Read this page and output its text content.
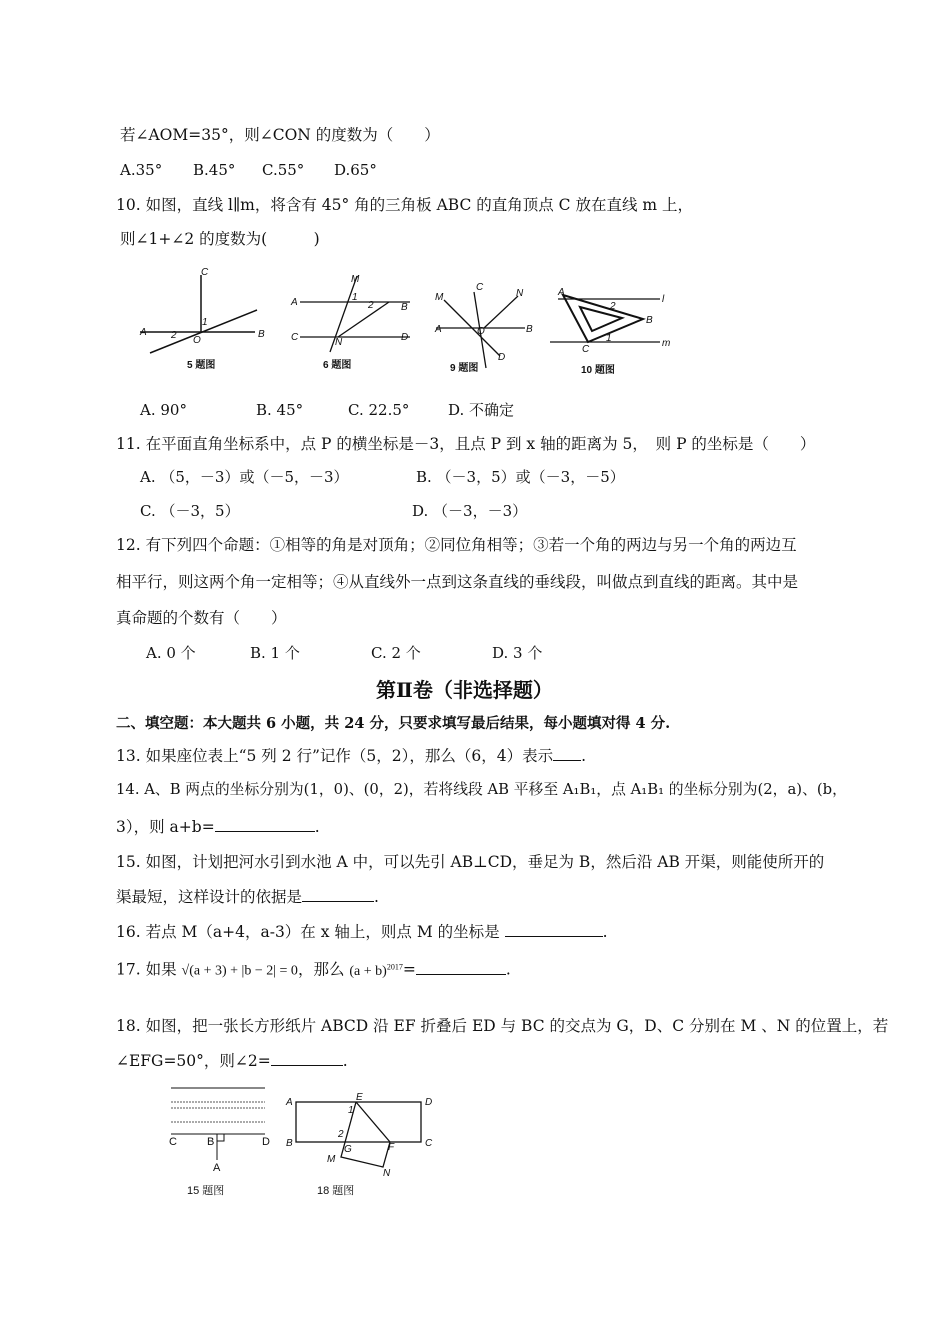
若∠AOM=35°，则∠CON 的度数为（　　）
A.35° B.45° C.55° D.65°
10. 如图，直线 l∥m，将含有 45° 角的三角板 ABC 的直角顶点 C 放在直线 m 上，
则∠1+∠2 的度数为(　　　)
C
A 2
1
O
B
5 题图
M
A	1
2	B
C	N	D
6 题图
M
C
N
A	O	B
D
9 题图
A
2
l
B
C
1	m
10 题图
A. 90°	B. 45°	C. 22.5°	D. 不确定
11. 在平面直角坐标系中，点 P 的横坐标是－3，且点 P 到 x 轴的距离为 5，　则 P 的坐标是（　　）
A. （5，－3）或（－5，－3）	B. （－3，5）或（－3，－5）
C. （－3，5）	D. （－3，－3）
12. 有下列四个命题：①相等的角是对顶角；②同位角相等；③若一个角的两边与另一个角的两边互
相平行，则这两个角一定相等；④从直线外一点到这条直线的垂线段，叫做点到直线的距离。其中是
真命题的个数有（　　）
A. 0 个	B. 1 个	C. 2 个	D. 3 个
第Ⅱ卷（非选择题）
二、填空题：本大题共 6 小题，共 24 分，只要求填写最后结果，每小题填对得 4 分.
13. 如果座位表上“5 列 2 行”记作（5，2），那么（6，4）表示 .
14. A、B 两点的坐标分别为(1，0)、(0，2)，若将线段 AB 平移至 A₁B₁，点 A₁B₁ 的坐标分别为(2，a)、(b，
3），则 a+b=	.
15. 如图，计划把河水引到水池 A 中，可以先引 AB⊥CD，垂足为 B，然后沿 AB 开渠，则能使所开的
渠最短，这样设计的依据是	.
16. 若点 M（a+4，a-3）在 x 轴上，则点 M 的坐标是	.
17. 如果 √(a + 3) + |b − 2| = 0，那么 $(a + b)^{2017}=$	.
18. 如图，把一张长方形纸片 ABCD 沿 EF 折叠后 ED 与 BC 的交点为 G，D、C 分别在 M 、N 的位置上，若
∠EFG=50°，则∠2=	.
C	B	D
A
15 题图
A	E	D
1
2
B
G	F	C
M
N
18 题图
